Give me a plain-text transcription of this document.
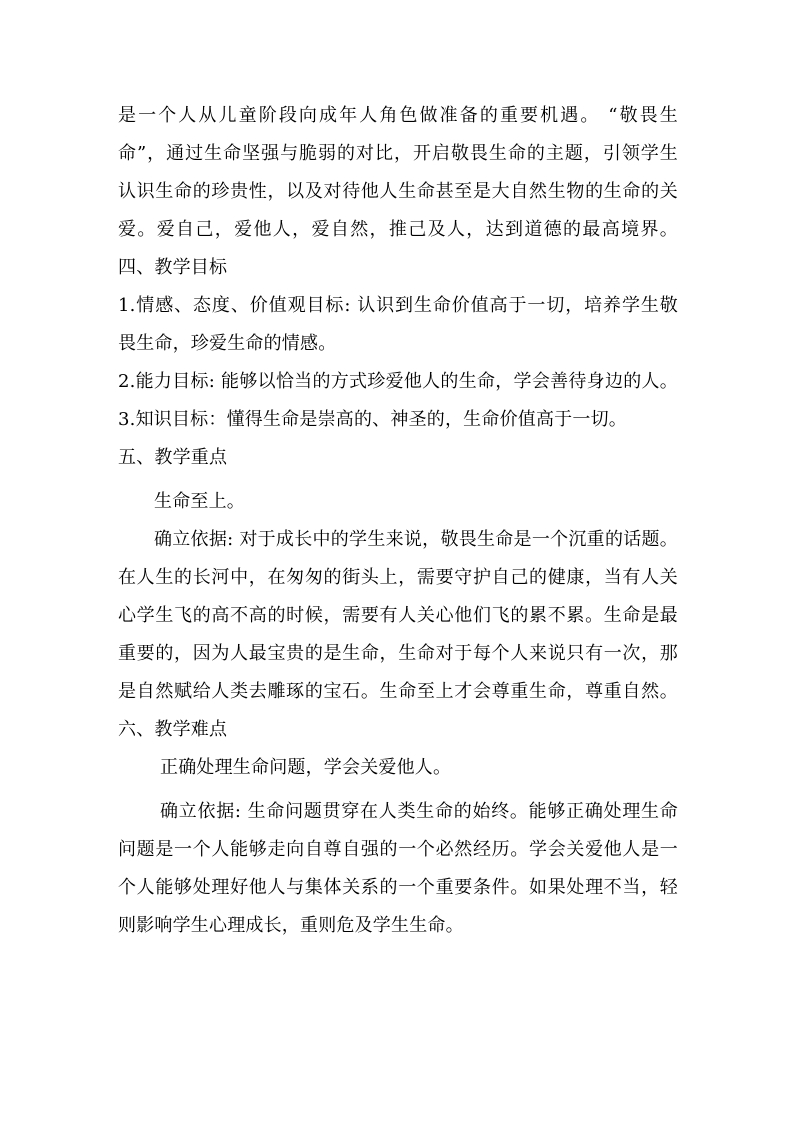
是一个人从儿童阶段向成年人角色做准备的重要机遇。 “敬畏生
命”，通过生命坚强与脆弱的对比，开启敬畏生命的主题，引领学生
认识生命的珍贵性，以及对待他人生命甚至是大自然生物的生命的关
爱。爱自己，爱他人，爱自然，推己及人，达到道德的最高境界。
四、教学目标
1.情感、态度、价值观目标: 认识到生命价值高于一切，培养学生敬
畏生命，珍爱生命的情感。
2.能力目标: 能够以恰当的方式珍爱他人的生命，学会善待身边的人。
3.知识目标：懂得生命是崇高的、神圣的，生命价值高于一切。
五、教学重点
生命至上。
确立依据: 对于成长中的学生来说，敬畏生命是一个沉重的话题。
在人生的长河中，在匆匆的街头上，需要守护自己的健康，当有人关
心学生飞的高不高的时候，需要有人关心他们飞的累不累。生命是最
重要的，因为人最宝贵的是生命，生命对于每个人来说只有一次，那
是自然赋给人类去雕琢的宝石。生命至上才会尊重生命，尊重自然。
六、教学难点
正确处理生命问题，学会关爱他人。
确立依据: 生命问题贯穿在人类生命的始终。能够正确处理生命
问题是一个人能够走向自尊自强的一个必然经历。学会关爱他人是一
个人能够处理好他人与集体关系的一个重要条件。如果处理不当，轻
则影响学生心理成长，重则危及学生生命。
